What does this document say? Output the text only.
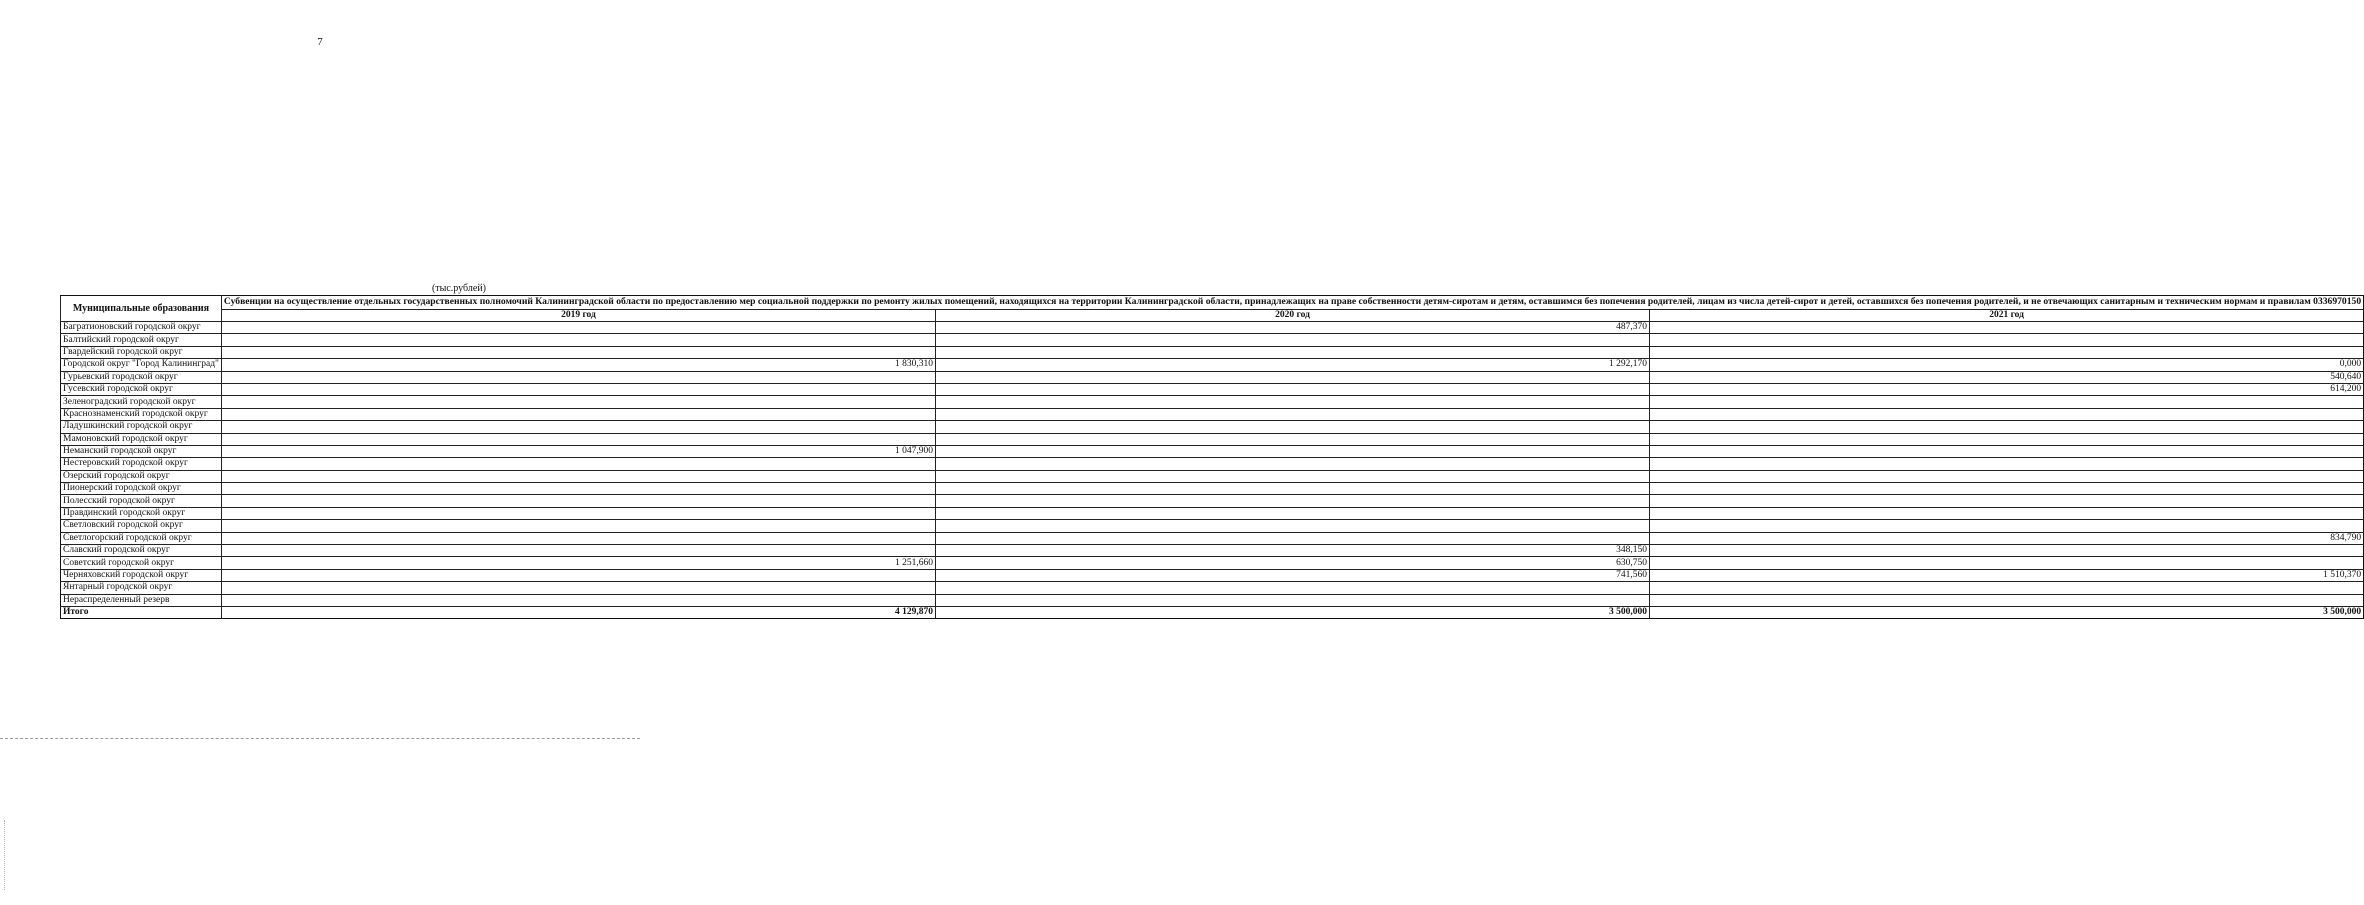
7
(тыс.рублей)
Муниципальные образования	Субвенции на осуществление отдельных государственных полномочий Калининградской области по предоставлению мер социальной поддержки по ремонту жилых помещений, находящихся на территории Калининградской области, принадлежащих на праве собственности детям-сиротам и детям, оставшимся без попечения родителей, лицам из числа детей-сирот и детей, оставшихся без попечения родителей, и не отвечающих санитарным и техническим нормам и правилам 0336970150		
	2019 год	2020 год	2021 год
Багратионовский городской округ		487,370	
Балтийский городской округ			
Гвардейский городской округ			
Городской округ "Город Калининград"	1 830,310	1 292,170	0,000
Гурьевский городской округ			540,640
Гусевский городской округ			614,200
Зеленоградский городской округ			
Краснознаменский городской округ			
Ладушкинский городской округ			
Мамоновский городской округ			
Неманский городской округ	1 047,900		
Нестеровский городской округ			
Озерский городской округ			
Пионерский городской округ			
Полесский городской округ			
Правдинский городской округ			
Светловский городской округ			
Светлогорский городской округ			834,790
Славский городской округ		348,150	
Советский городской округ	1 251,660	630,750	
Черняховский городской округ		741,560	1 510,370
Янтарный городской округ			
Нераспределенный резерв			
Итого	4 129,870	3 500,000	3 500,000
